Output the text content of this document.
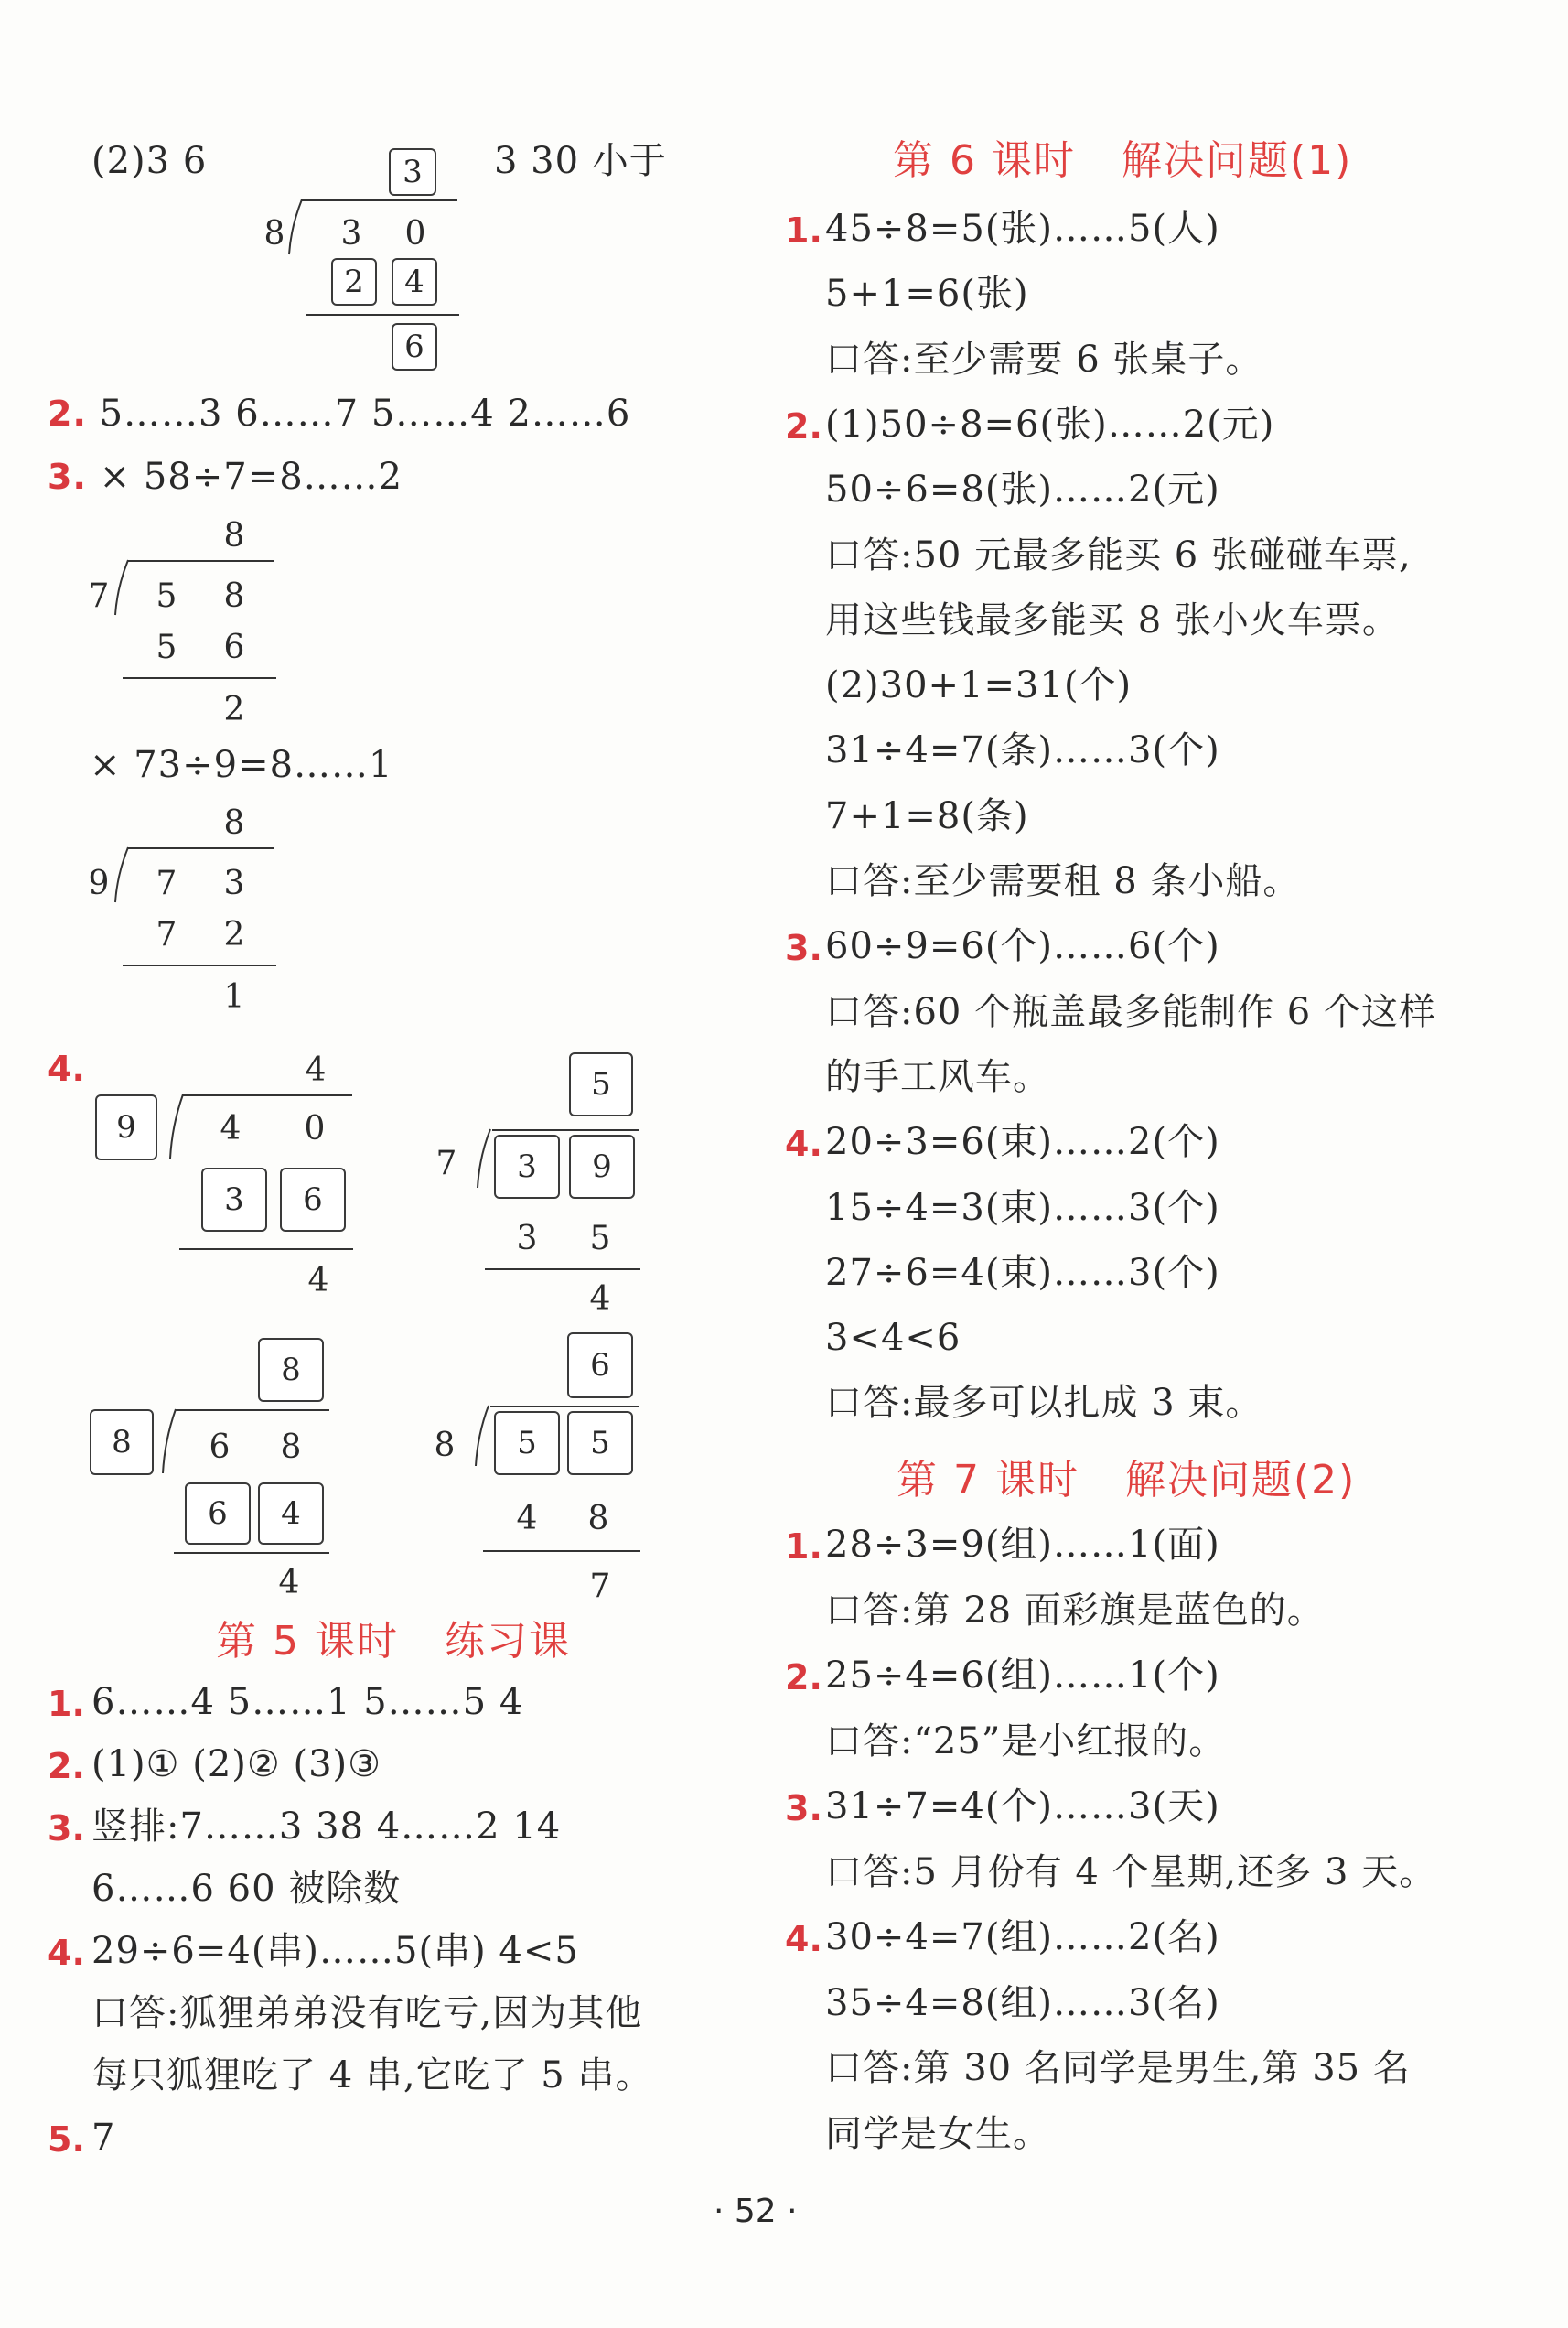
(2)3 6	3 30 小于
3
8	3	0
2	4
6
2. 5……3 6……7 5……4 2……6
3. × 58÷7=8……2
8
7	5	8
5	6
2
× 73÷9=8……1
8
9	7	3
7	2
1
4.	4
9	4	0
3	6
4
5
7	3	9
3	5
4
8
8	6	8
6	4
4
6
8	5	5
4	8
7
第 5 课时 练习课
1. 6……4 5……1 5……5 4
2. (1)① (2)② (3)③
3. 竖排:7……3 38 4……2 14
6……6 60 被除数
4. 29÷6=4(串)……5(串) 4<5
口答:狐狸弟弟没有吃亏,因为其他
每只狐狸吃了 4 串,它吃了 5 串。
5. 7
第 6 课时 解决问题(1)
1. 45÷8=5(张)……5(人)
5+1=6(张)
口答:至少需要 6 张桌子。
2. (1)50÷8=6(张)……2(元)
50÷6=8(张)……2(元)
口答:50 元最多能买 6 张碰碰车票,
用这些钱最多能买 8 张小火车票。
(2)30+1=31(个)
31÷4=7(条)……3(个)
7+1=8(条)
口答:至少需要租 8 条小船。
3. 60÷9=6(个)……6(个)
口答:60 个瓶盖最多能制作 6 个这样
的手工风车。
4. 20÷3=6(束)……2(个)
15÷4=3(束)……3(个)
27÷6=4(束)……3(个)
3<4<6
口答:最多可以扎成 3 束。
第 7 课时 解决问题(2)
1. 28÷3=9(组)……1(面)
口答:第 28 面彩旗是蓝色的。
2. 25÷4=6(组)……1(个)
口答:“25”是小红报的。
3. 31÷7=4(个)……3(天)
口答:5 月份有 4 个星期,还多 3 天。
4. 30÷4=7(组)……2(名)
35÷4=8(组)……3(名)
口答:第 30 名同学是男生,第 35 名
同学是女生。
· 52 ·
